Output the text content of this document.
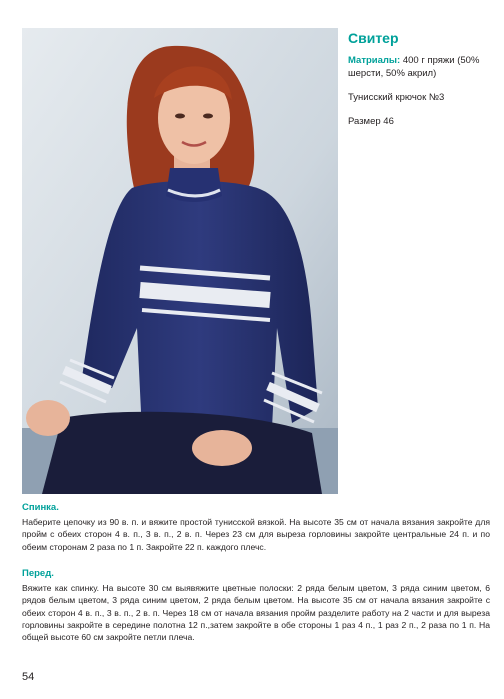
Свитер

Матриалы: 400 г пряжи (50% шерсти, 50% акрил)

Тунисский крючок №3

Размер 46

Спинка.

Наберите цепочку из 90 в. п. и вяжите простой тунисской вязкой. На высоте 35 см от начала вязания закройте для пройм с обеих сторон 4 в. п., 3 в. п., 2 в. п. Через 23 см для выреза горловины закройте центральные 24 п. и по обеим сторонам 2 раза по 1 п. Закройте 22 п. каждого плечс.

Перед.

Вяжите как спинку. На высоте 30 см выявяжите цветные полоски: 2 ряда белым цветом, 3 ряда синим цветом, 6 рядов белым цветом, 3 ряда синим цветом, 2 ряда белым цветом. На высоте 35 см от начала вязания закройте с обеих сторон 4 в. п., 3 в. п., 2 в. п. Через 18 см от начала вязания пройм разделите работу на 2 части и для выреза горловины закройте в середине полотна 12 п.,затем закройте в обе стороны 1 раз 4 п., 1 раз 2 п., 2 раза по 1 п. На общей высоте 60 см закройте петли плеча.

54
